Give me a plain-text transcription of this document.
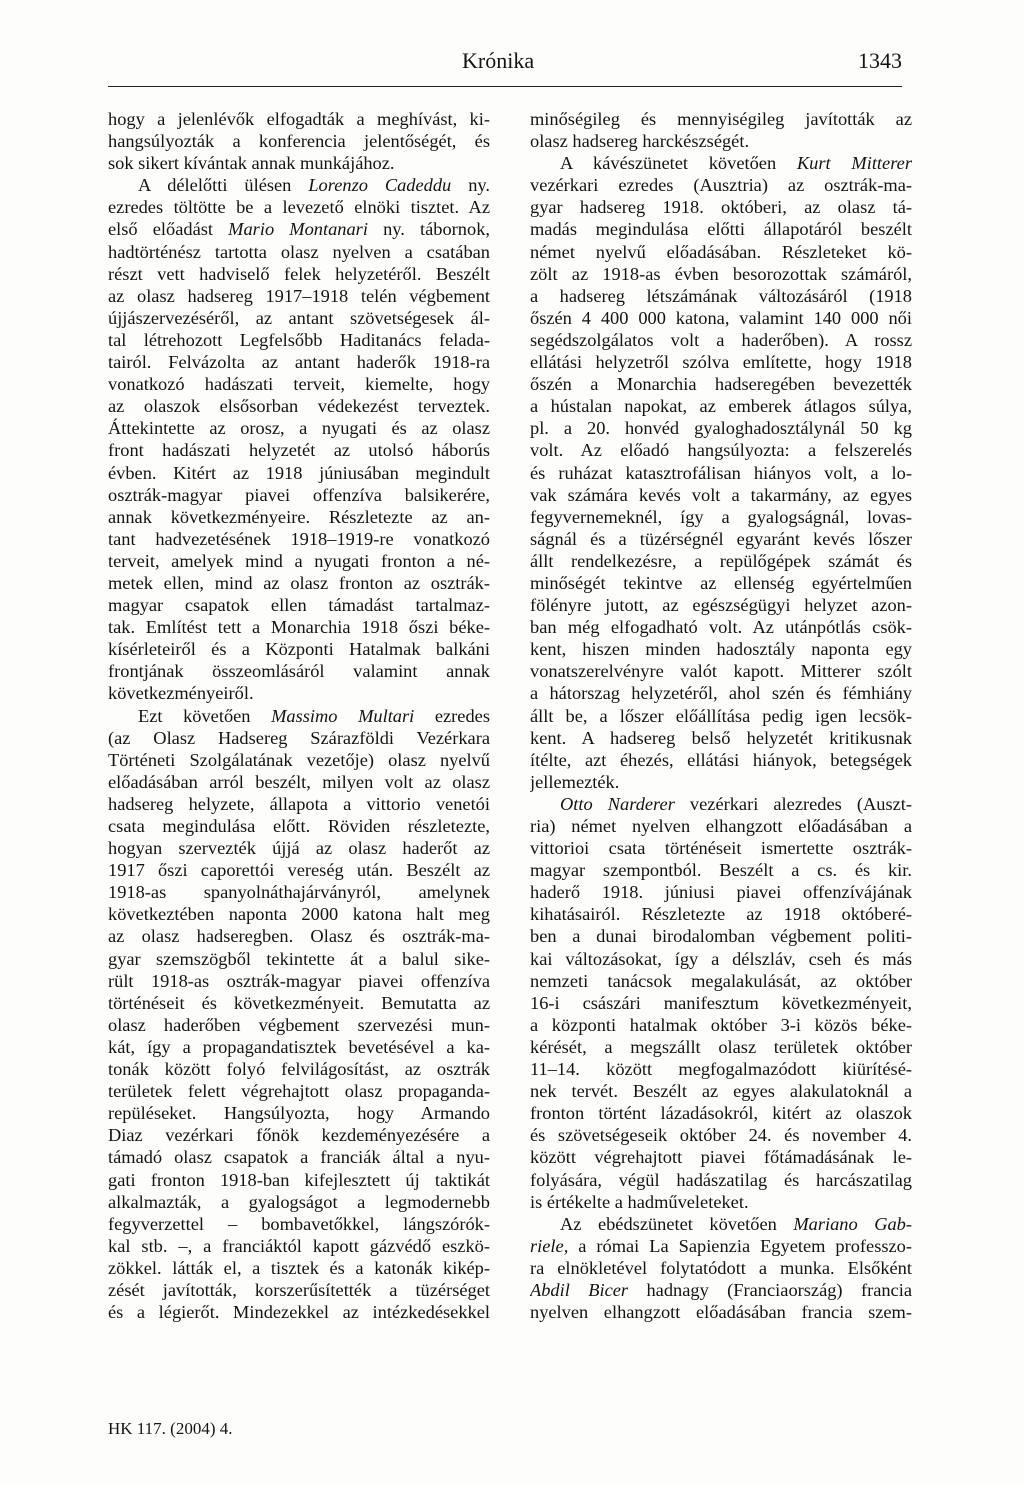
Krónika	1343
hogy a jelenlévők elfogadták a meghívást, ki-
hangsúlyozták a konferencia jelentőségét, és
sok sikert kívántak annak munkájához.
A délelőtti ülésen Lorenzo Cadeddu ny.
ezredes töltötte be a levezető elnöki tisztet. Az
első előadást Mario Montanari ny. tábornok,
hadtörténész tartotta olasz nyelven a csatában
részt vett hadviselő felek helyzetéről. Beszélt
az olasz hadsereg 1917–1918 telén végbement
újjászervezéséről, az antant szövetségesek ál-
tal létrehozott Legfelsőbb Haditanács felada-
tairól. Felvázolta az antant haderők 1918-ra
vonatkozó hadászati terveit, kiemelte, hogy
az olaszok elsősorban védekezést terveztek.
Áttekintette az orosz, a nyugati és az olasz
front hadászati helyzetét az utolsó háborús
évben. Kitért az 1918 júniusában megindult
osztrák-magyar piavei offenzíva balsikerére,
annak következményeire. Részletezte az an-
tant hadvezetésének 1918–1919-re vonatkozó
terveit, amelyek mind a nyugati fronton a né-
metek ellen, mind az olasz fronton az osztrák-
magyar csapatok ellen támadást tartalmaz-
tak. Említést tett a Monarchia 1918 őszi béke-
kísérleteiről és a Központi Hatalmak balkáni
frontjának összeomlásáról valamint annak
következményeiről.
Ezt követően Massimo Multari ezredes
(az Olasz Hadsereg Szárazföldi Vezérkara
Történeti Szolgálatának vezetője) olasz nyelvű
előadásában arról beszélt, milyen volt az olasz
hadsereg helyzete, állapota a vittorio venetói
csata megindulása előtt. Röviden részletezte,
hogyan szervezték újjá az olasz haderőt az
1917 őszi caporettói vereség után. Beszélt az
1918-as spanyolnáthajárványról, amelynek
következtében naponta 2000 katona halt meg
az olasz hadseregben. Olasz és osztrák-ma-
gyar szemszögből tekintette át a balul sike-
rült 1918-as osztrák-magyar piavei offenzíva
történéseit és következményeit. Bemutatta az
olasz haderőben végbement szervezési mun-
kát, így a propagandatisztek bevetésével a ka-
tonák között folyó felvilágosítást, az osztrák
területek felett végrehajtott olasz propaganda-
repüléseket. Hangsúlyozta, hogy Armando
Diaz vezérkari főnök kezdeményezésére a
támadó olasz csapatok a franciák által a nyu-
gati fronton 1918-ban kifejlesztett új taktikát
alkalmazták, a gyalogságot a legmodernebb
fegyverzettel – bombavetőkkel, lángszórók-
kal stb. –, a franciáktól kapott gázvédő eszkö-
zökkel. látták el, a tisztek és a katonák kikép-
zését javították, korszerűsítették a tüzérséget
és a légierőt. Mindezekkel az intézkedésekkel
minőségileg és mennyiségileg javították az
olasz hadsereg harckészségét.
A kávészünetet követően Kurt Mitterer
vezérkari ezredes (Ausztria) az osztrák-ma-
gyar hadsereg 1918. októberi, az olasz tá-
madás megindulása előtti állapotáról beszélt
német nyelvű előadásában. Részleteket kö-
zölt az 1918-as évben besorozottak számáról,
a hadsereg létszámának változásáról (1918
őszén 4 400 000 katona, valamint 140 000 női
segédszolgálatos volt a haderőben). A rossz
ellátási helyzetről szólva említette, hogy 1918
őszén a Monarchia hadseregében bevezették
a hústalan napokat, az emberek átlagos súlya,
pl. a 20. honvéd gyaloghadosztálynál 50 kg
volt. Az előadó hangsúlyozta: a felszerelés
és ruházat katasztrofálisan hiányos volt, a lo-
vak számára kevés volt a takarmány, az egyes
fegyvernemeknél, így a gyalogságnál, lovas-
ságnál és a tüzérségnél egyaránt kevés lőszer
állt rendelkezésre, a repülőgépek számát és
minőségét tekintve az ellenség egyértelműen
fölényre jutott, az egészségügyi helyzet azon-
ban még elfogadható volt. Az utánpótlás csök-
kent, hiszen minden hadosztály naponta egy
vonatszerelvényre valót kapott. Mitterer szólt
a hátorszag helyzetéről, ahol szén és fémhiány
állt be, a lőszer előállítása pedig igen lecsök-
kent. A hadsereg belső helyzetét kritikusnak
ítélte, azt éhezés, ellátási hiányok, betegségek
jellemezték.
Otto Narderer vezérkari alezredes (Auszt-
ria) német nyelven elhangzott előadásában a
vittorioi csata történéseit ismertette osztrák-
magyar szempontból. Beszélt a cs. és kir.
haderő 1918. júniusi piavei offenzívájának
kihatásairól. Részletezte az 1918 októberé-
ben a dunai birodalomban végbement politi-
kai változásokat, így a délszláv, cseh és más
nemzeti tanácsok megalakulását, az október
16-i császári manifesztum következményeit,
a központi hatalmak október 3-i közös béke-
kérését, a megszállt olasz területek október
11–14. között megfogalmazódott kiürítésé-
nek tervét. Beszélt az egyes alakulatoknál a
fronton történt lázadásokról, kitért az olaszok
és szövetségeseik október 24. és november 4.
között végrehajtott piavei főtámadásának le-
folyására, végül hadászatilag és harcászatilag
is értékelte a hadműveleteket.
Az ebédszünetet követően Mariano Gab-
riele, a római La Sapienzia Egyetem professzo-
ra elnökletével folytatódott a munka. Elsőként
Abdil Bicer hadnagy (Franciaország) francia
nyelven elhangzott előadásában francia szem-
HK 117. (2004) 4.
